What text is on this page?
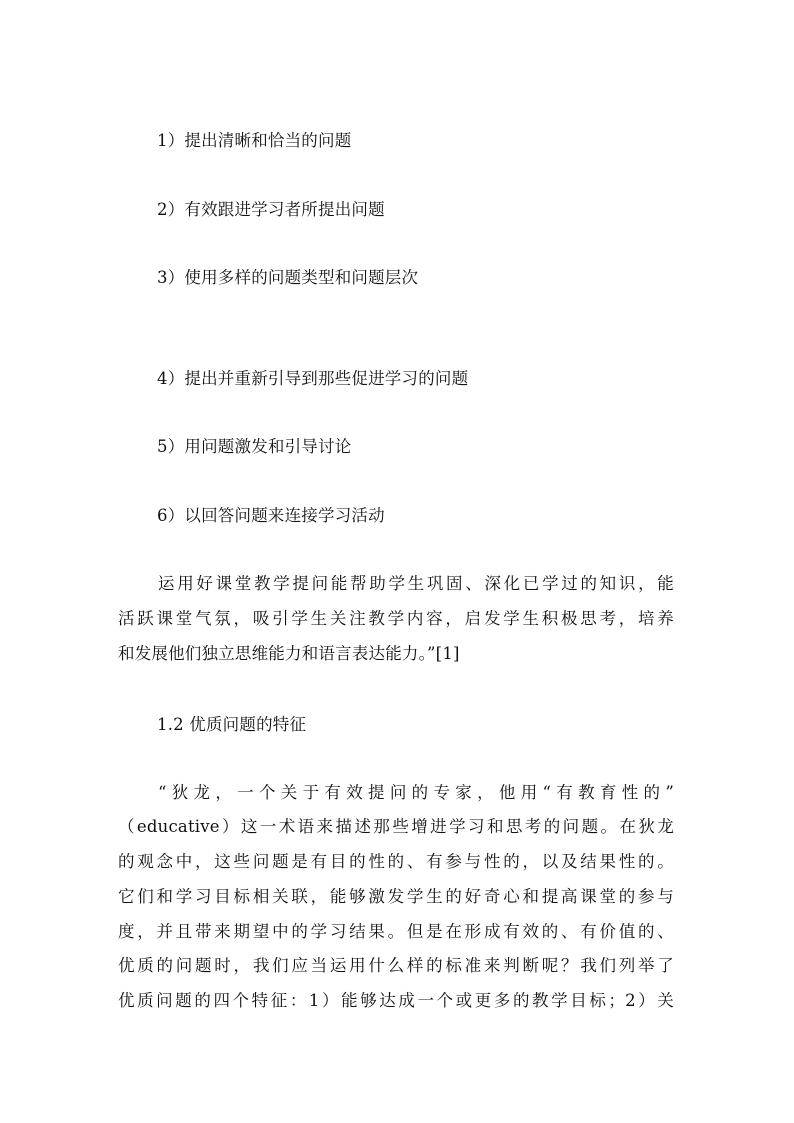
1）提出清晰和恰当的问题
2）有效跟进学习者所提出问题
3）使用多样的问题类型和问题层次
4）提出并重新引导到那些促进学习的问题
5）用问题激发和引导讨论
6）以回答问题来连接学习活动
运用好课堂教学提问能帮助学生巩固、深化已学过的知识，能
活跃课堂气氛，吸引学生关注教学内容，启发学生积极思考，培养
和发展他们独立思维能力和语言表达能力。”[1]
1.2 优质问题的特征
“狄龙，一个关于有效提问的专家，他用“有教育性的”
（educative）这一术语来描述那些增进学习和思考的问题。在狄龙
的观念中，这些问题是有目的性的、有参与性的，以及结果性的。
它们和学习目标相关联，能够激发学生的好奇心和提高课堂的参与
度，并且带来期望中的学习结果。但是在形成有效的、有价值的、
优质的问题时，我们应当运用什么样的标准来判断呢？我们列举了
优质问题的四个特征：1）能够达成一个或更多的教学目标；2）关
